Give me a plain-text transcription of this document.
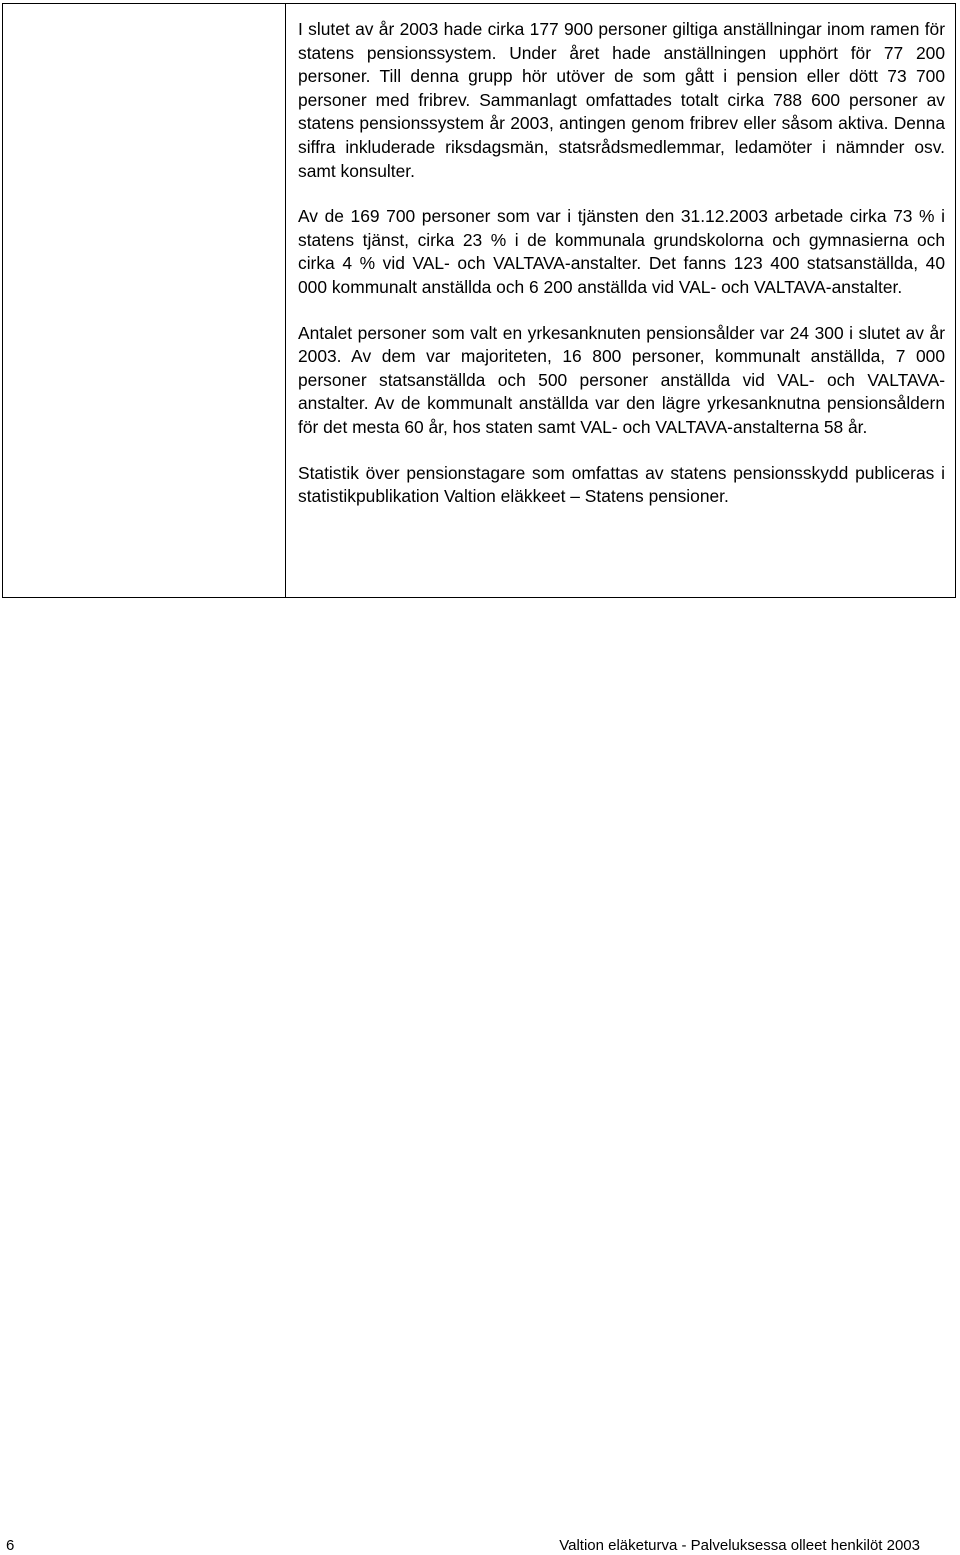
I slutet av år 2003 hade cirka 177 900 personer giltiga anställningar inom ramen för statens pensionssystem. Under året hade anställningen upphört för 77 200 personer. Till denna grupp hör utöver de som gått i pension eller dött 73 700 personer med fribrev. Sammanlagt omfattades totalt cirka 788 600 personer av statens pensionssystem år 2003, antingen genom fribrev eller såsom aktiva. Denna siffra inkluderade riksdagsmän, statsrådsmedlemmar, ledamöter i nämnder osv. samt konsulter.

Av de 169 700 personer som var i tjänsten den 31.12.2003 arbetade cirka 73 % i statens tjänst, cirka 23 % i de kommunala grundskolorna och gymnasierna och cirka 4 % vid VAL- och VALTAVA-anstalter. Det fanns 123 400 statsanställda, 40 000 kommunalt anställda och 6 200 anställda vid VAL- och VALTAVA-anstalter.

Antalet personer som valt en yrkesanknuten pensionsålder var 24 300 i slutet av år 2003. Av dem var majoriteten, 16 800 personer, kommunalt anställda, 7 000 personer statsanställda och 500 personer anställda vid VAL- och VALTAVA-anstalter. Av de kommunalt anställda var den lägre yrkesanknutna pensionsåldern för det mesta 60 år, hos staten samt VAL- och VALTAVA-anstalterna 58 år.

Statistik över pensionstagare som omfattas av statens pensionsskydd publiceras i statistikpublikation Valtion eläkkeet – Statens pensioner.

6	Valtion eläketurva - Palveluksessa olleet henkilöt 2003
